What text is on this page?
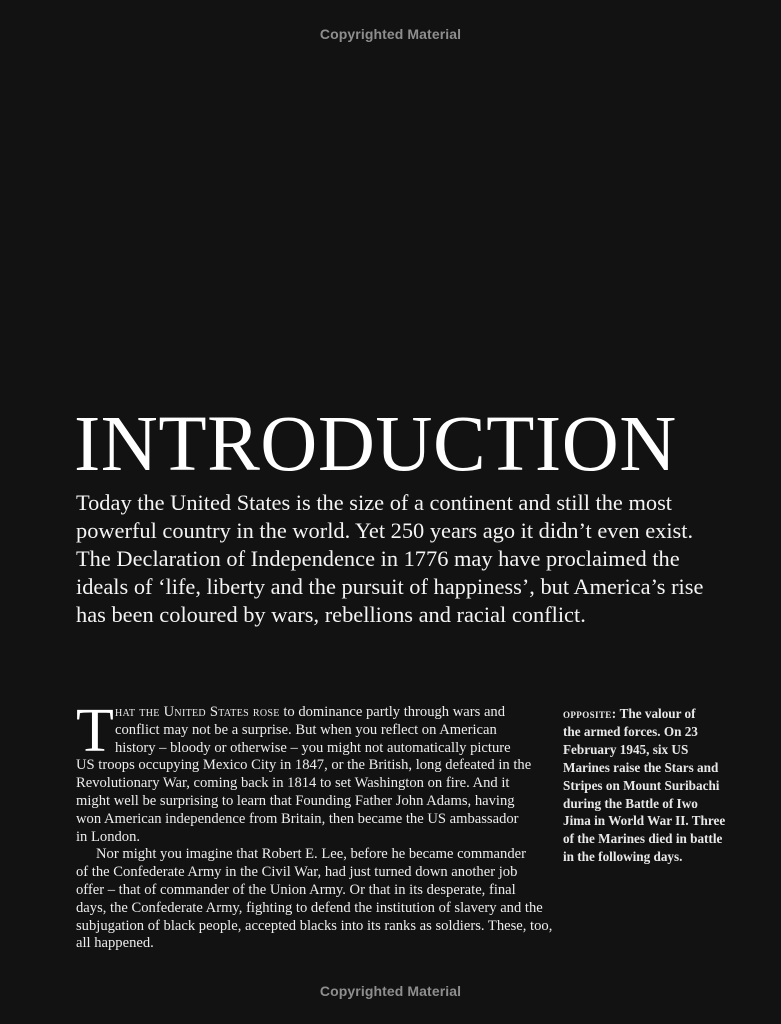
Copyrighted Material
INTRODUCTION

Today the United States is the size of a continent and still the most
powerful country in the world. Yet 250 years ago it didn’t even exist.
The Declaration of Independence in 1776 may have proclaimed the
ideals of ‘life, liberty and the pursuit of happiness’, but America’s rise
has been coloured by wars, rebellions and racial conflict.

T hat the United States rose to dominance partly through wars and
conflict may not be a surprise. But when you reflect on American
history – bloody or otherwise – you might not automatically picture
US troops occupying Mexico City in 1847, or the British, long defeated in the
Revolutionary War, coming back in 1814 to set Washington on fire. And it
might well be surprising to learn that Founding Father John Adams, having
won American independence from Britain, then became the US ambassador
in London.
Nor might you imagine that Robert E. Lee, before he became commander
of the Confederate Army in the Civil War, had just turned down another job
offer – that of commander of the Union Army. Or that in its desperate, final
days, the Confederate Army, fighting to defend the institution of slavery and the
subjugation of black people, accepted blacks into its ranks as soldiers. These, too,
all happened.
opposite: The valour of
the armed forces. On 23
February 1945, six US
Marines raise the Stars and
Stripes on Mount Suribachi
during the Battle of Iwo
Jima in World War II. Three
of the Marines died in battle
in the following days.
Copyrighted Material
